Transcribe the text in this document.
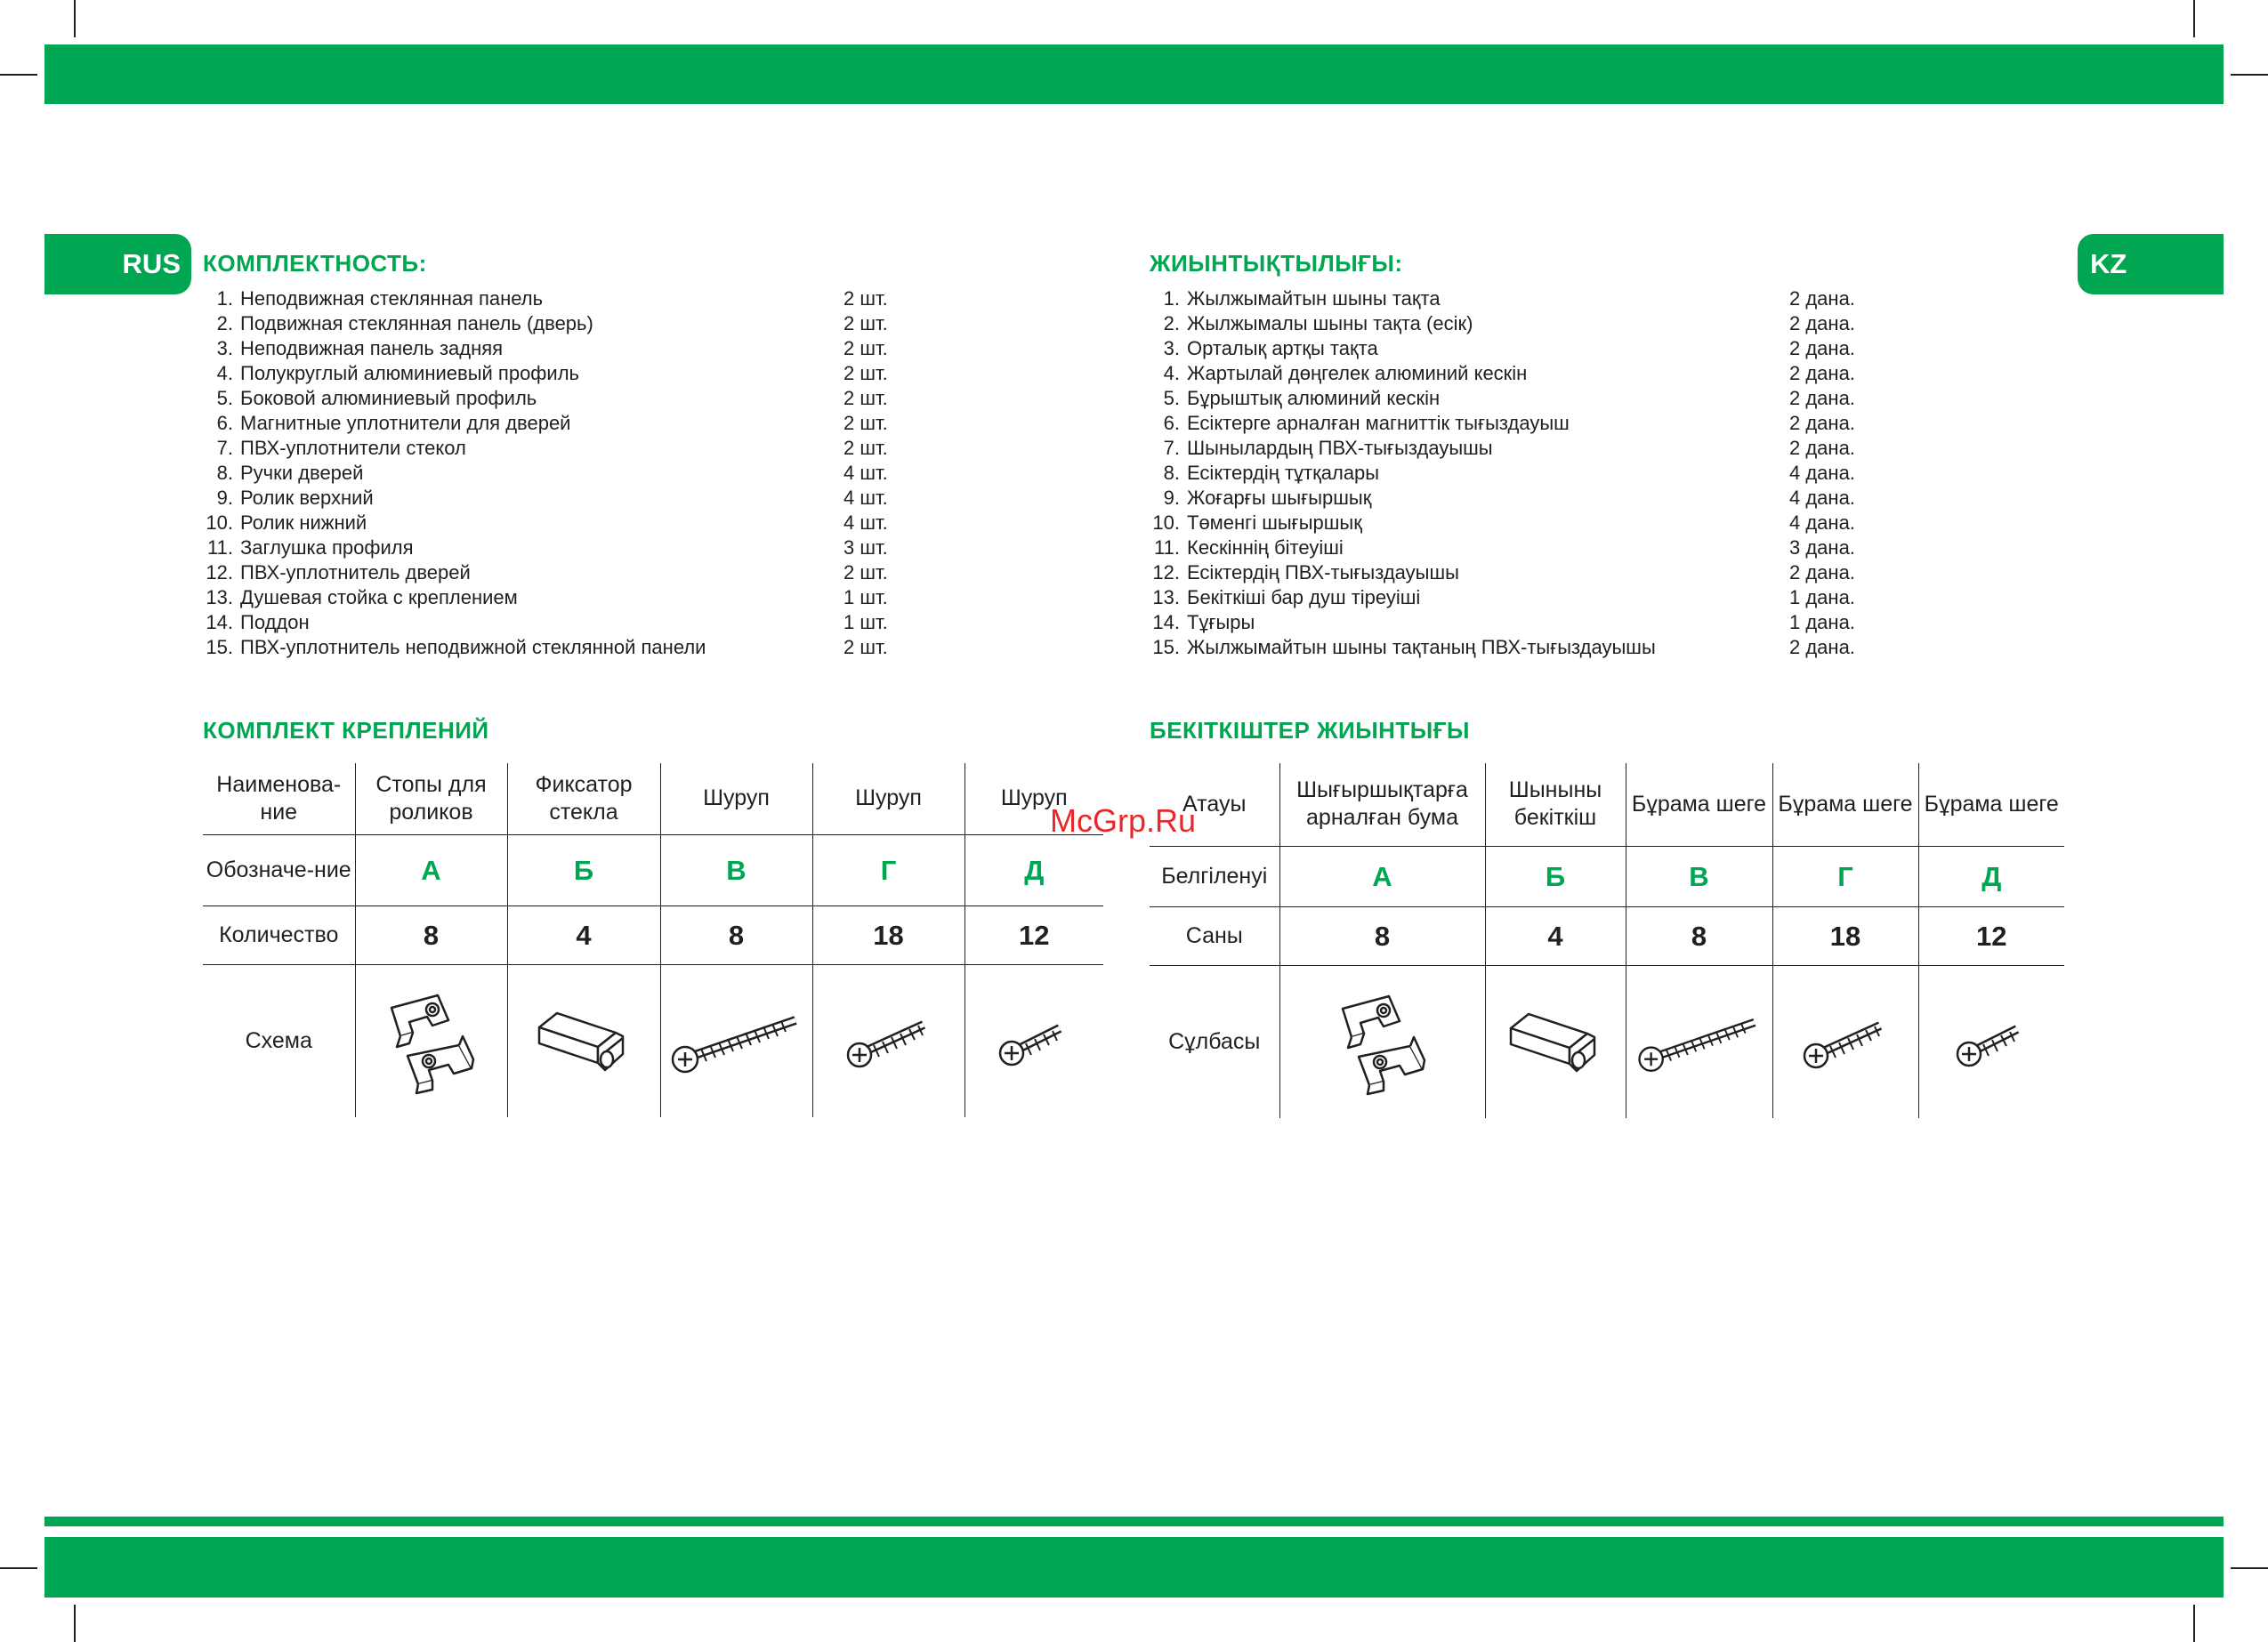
RUS	KZ
КОМПЛЕКТНОСТЬ:	ЖИЫНТЫҚТЫЛЫҒЫ:
КОМПЛЕКТ КРЕПЛЕНИЙ	БЕКІТКІШТЕР ЖИЫНТЫҒЫ
1. Неподвижная стеклянная панель	2 шт.
2. Подвижная стеклянная панель (дверь)	2 шт.
3. Неподвижная панель задняя	2 шт.
4. Полукруглый алюминиевый профиль	2 шт.
5. Боковой алюминиевый профиль	2 шт.
6. Магнитные уплотнители для дверей	2 шт.
7. ПВХ-уплотнители стекол	2 шт.
8. Ручки дверей	4 шт.
9. Ролик верхний	4 шт.
10. Ролик нижний	4 шт.
11. Заглушка профиля	3 шт.
12. ПВХ-уплотнитель дверей	2 шт.
13. Душевая стойка с креплением	1 шт.
14. Поддон	1 шт.
15. ПВХ-уплотнитель неподвижной стеклянной панели	2 шт.
1. Жылжымайтын шыны тақта	2 дана.
2. Жылжымалы шыны тақта (есік)	2 дана.
3. Орталық артқы тақта	2 дана.
4. Жартылай дөңгелек алюминий кескін	2 дана.
5. Бұрыштық алюминий кескін	2 дана.
6. Есіктерге арналған магниттік тығыздауыш	2 дана.
7. Шынылардың ПВХ-тығыздауышы	2 дана.
8. Есіктердің тұтқалары	4 дана.
9. Жоғарғы шығыршық	4 дана.
10. Төменгі шығыршық	4 дана.
11. Кескіннің бітеуіші	3 дана.
12. Есіктердің ПВХ-тығыздауышы	2 дана.
13. Бекіткіші бар душ тіреуіші	1 дана.
14. Тұғыры	1 дана.
15. Жылжымайтын шыны тақтаның ПВХ-тығыздауышы	2 дана.
Наименова-ние	Стопы для роликов	Фиксатор стекла	Шуруп	Шуруп	Шуруп
Обозначе-ние	А	Б	В	Г	Д
Количество	8	4	8	18	12
Схема	

Атауы	Шығыршықтарға арналған бума	Шыныны бекіткіш	Бұрама шеге	Бұрама шеге	Бұрама шеге
Белгіленуі	А	Б	В	Г	Д
Саны	8	4	8	18	12
Сұлбасы	

McGrp.Ru
